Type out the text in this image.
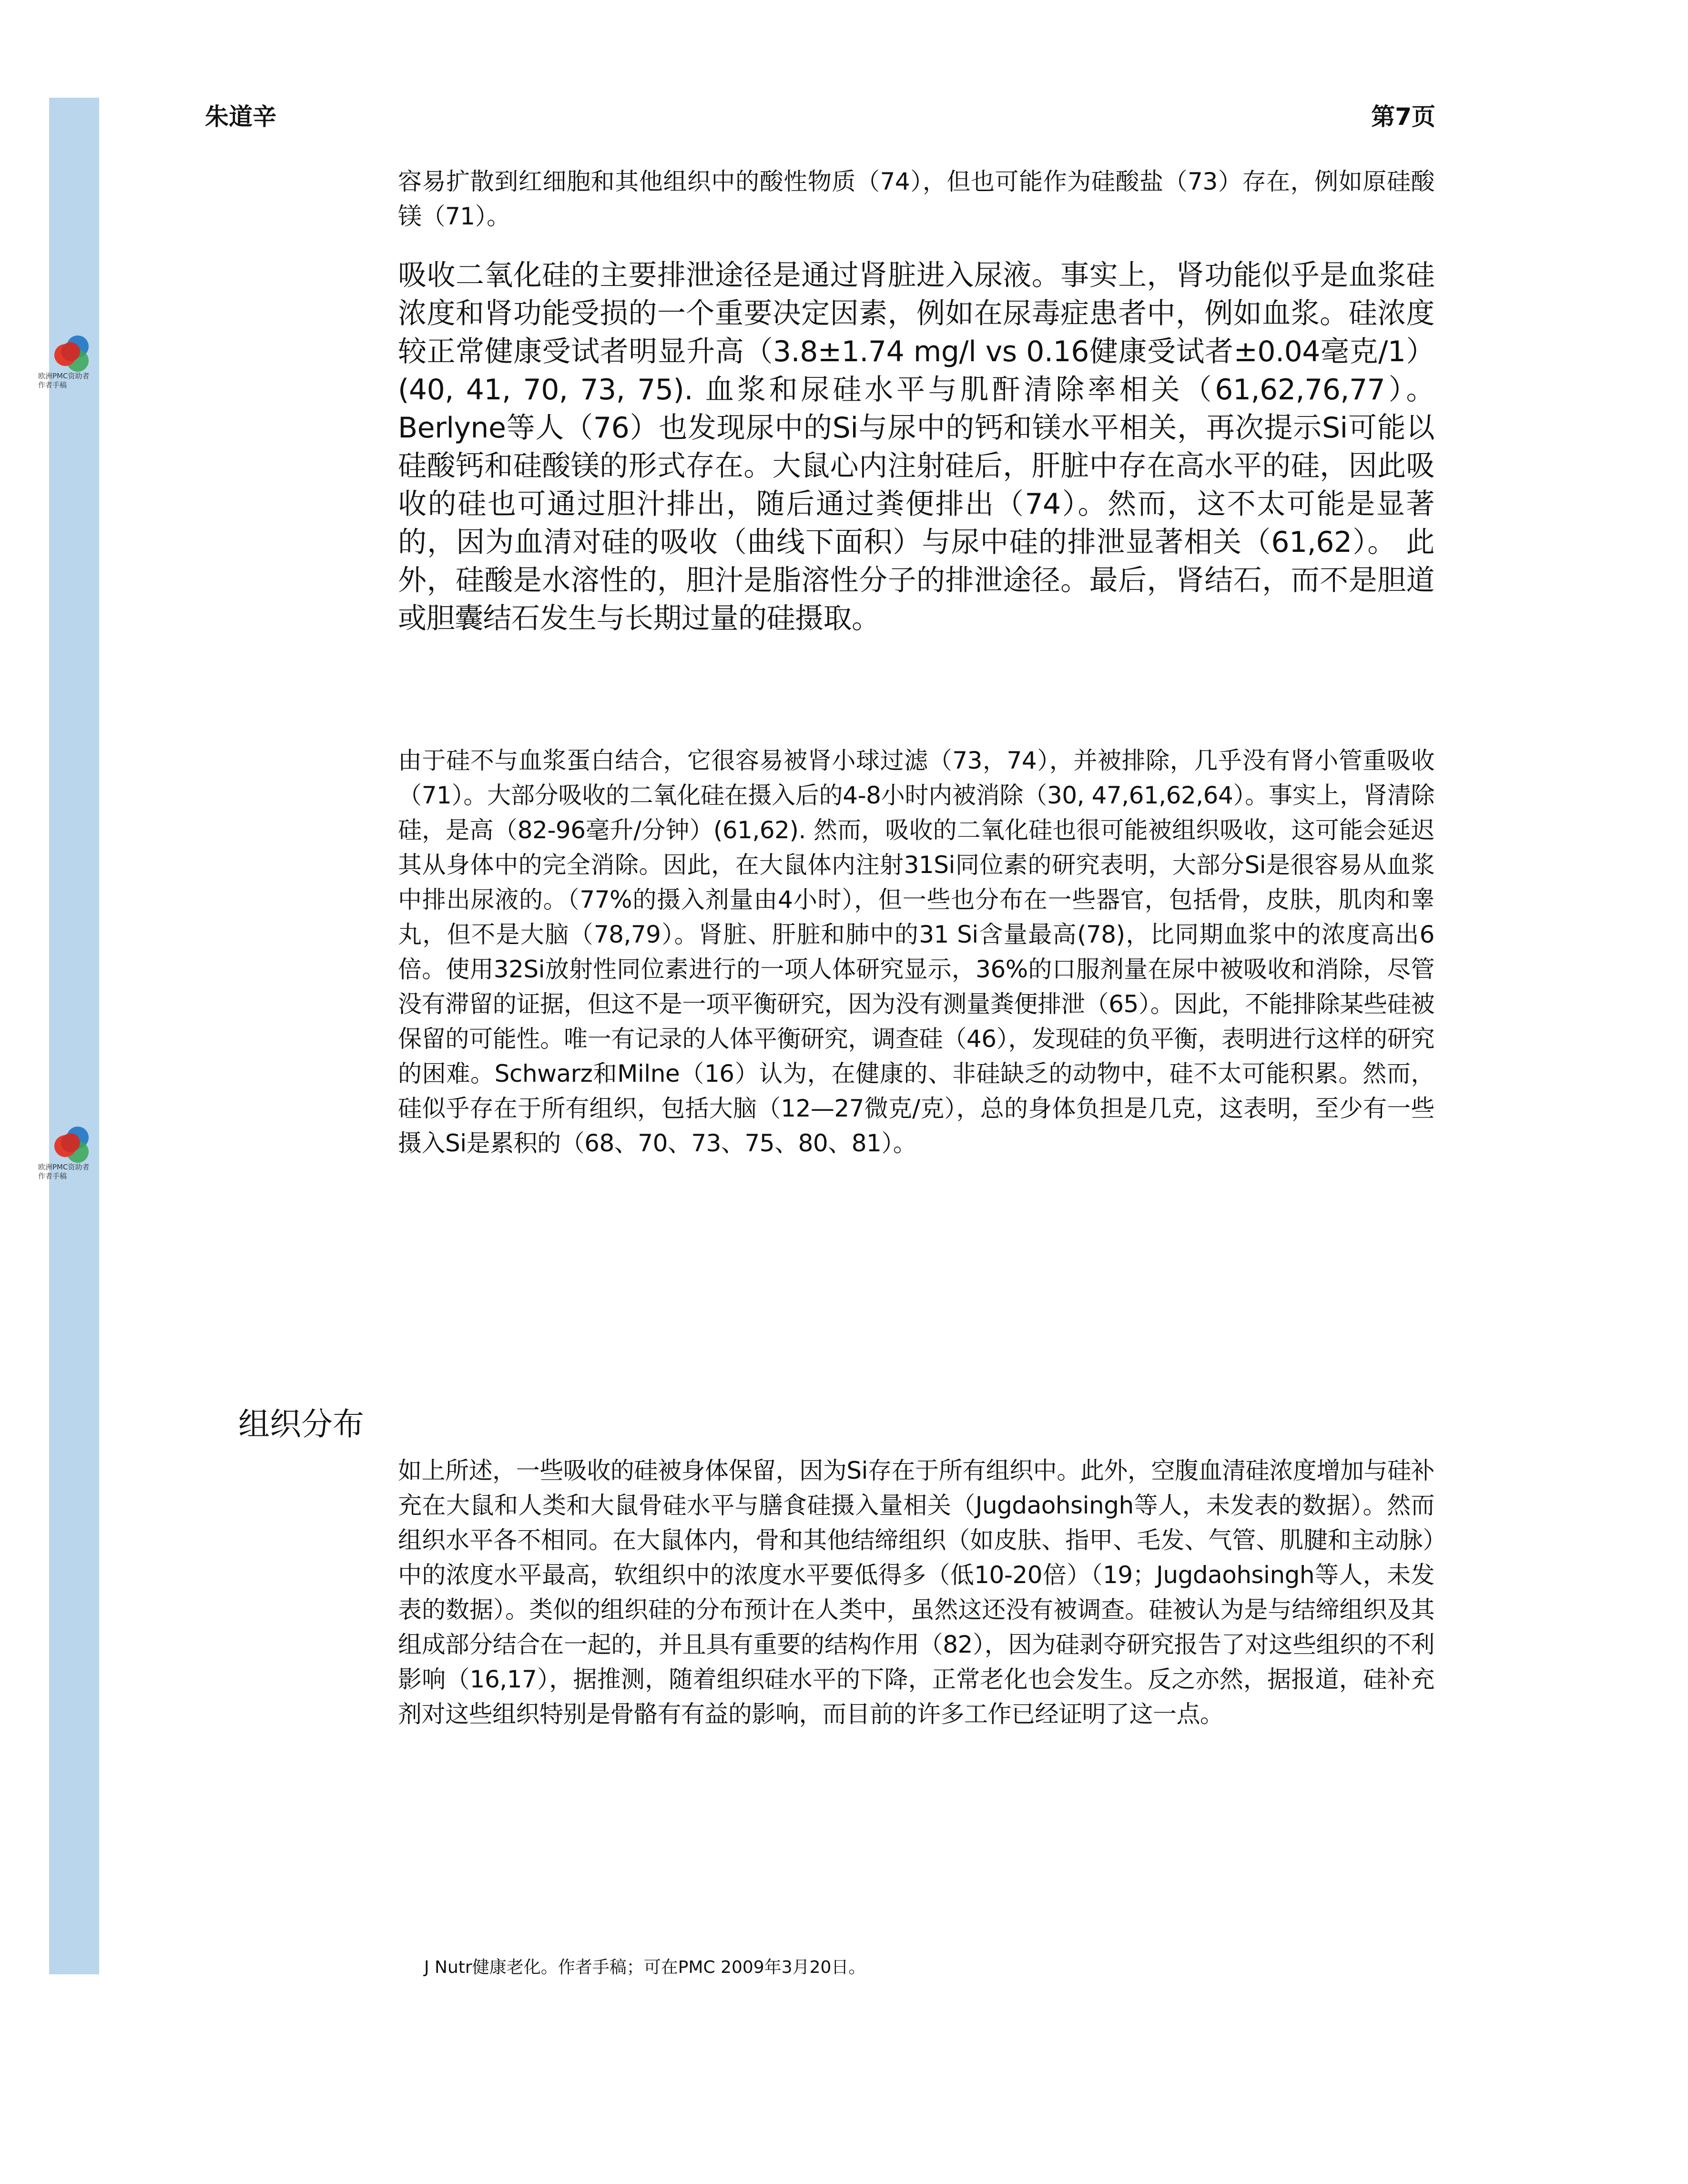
欧洲PMC资助者作者手稿
欧洲PMC资助者作者手稿
朱道辛	第7页

容易扩散到红细胞和其他组织中的酸性物质（74），但也可能作为硅酸盐（73）存在，例如原硅酸镁（71）。

吸收二氧化硅的主要排泄途径是通过肾脏进入尿液。事实上，肾功能似乎是血浆硅浓度和肾功能受损的一个重要决定因素，例如在尿毒症患者中，例如血浆。硅浓度较正常健康受试者明显升高（3.8±1.74 mg/l vs 0.16健康受试者±0.04毫克/1）(40, 41, 70, 73, 75). 血浆和尿硅水平与肌酐清除率相关（61,62,76,77）。Berlyne等人（76）也发现尿中的Si与尿中的钙和镁水平相关，再次提示Si可能以硅酸钙和硅酸镁的形式存在。大鼠心内注射硅后，肝脏中存在高水平的硅，因此吸收的硅也可通过胆汁排出，随后通过粪便排出（74）。然而，这不太可能是显著的，因为血清对硅的吸收（曲线下面积）与尿中硅的排泄显著相关（61,62）。 此外，硅酸是水溶性的，胆汁是脂溶性分子的排泄途径。最后，肾结石，而不是胆道或胆囊结石发生与长期过量的硅摄取。

由于硅不与血浆蛋白结合，它很容易被肾小球过滤（73，74），并被排除，几乎没有肾小管重吸收（71）。大部分吸收的二氧化硅在摄入后的4-8小时内被消除（30, 47,61,62,64）。事实上，肾清除硅，是高（82-96毫升/分钟）(61,62). 然而，吸收的二氧化硅也很可能被组织吸收，这可能会延迟其从身体中的完全消除。因此，在大鼠体内注射31Si同位素的研究表明，大部分Si是很容易从血浆中排出尿液的。（77%的摄入剂量由4小时），但一些也分布在一些器官，包括骨，皮肤，肌肉和睾丸，但不是大脑（78,79）。肾脏、肝脏和肺中的31 Si含量最高(78)，比同期血浆中的浓度高出6倍。使用32Si放射性同位素进行的一项人体研究显示，36%的口服剂量在尿中被吸收和消除，尽管没有滞留的证据，但这不是一项平衡研究，因为没有测量粪便排泄（65）。因此，不能排除某些硅被保留的可能性。唯一有记录的人体平衡研究，调查硅（46），发现硅的负平衡，表明进行这样的研究的困难。Schwarz和Milne（16）认为，在健康的、非硅缺乏的动物中，硅不太可能积累。然而，硅似乎存在于所有组织，包括大脑（12—27微克/克），总的身体负担是几克，这表明，至少有一些摄入Si是累积的（68、70、73、75、80、81）。

组织分布

如上所述，一些吸收的硅被身体保留，因为Si存在于所有组织中。此外，空腹血清硅浓度增加与硅补充在大鼠和人类和大鼠骨硅水平与膳食硅摄入量相关（Jugdaohsingh等人，未发表的数据）。然而组织水平各不相同。在大鼠体内，骨和其他结缔组织（如皮肤、指甲、毛发、气管、肌腱和主动脉）中的浓度水平最高，软组织中的浓度水平要低得多（低10-20倍）（19；Jugdaohsingh等人，未发表的数据）。类似的组织硅的分布预计在人类中，虽然这还没有被调查。硅被认为是与结缔组织及其组成部分结合在一起的，并且具有重要的结构作用（82），因为硅剥夺研究报告了对这些组织的不利影响（16,17），据推测，随着组织硅水平的下降，正常老化也会发生。反之亦然，据报道，硅补充剂对这些组织特别是骨骼有有益的影响，而目前的许多工作已经证明了这一点。

J Nutr健康老化。作者手稿；可在PMC 2009年3月20日。
